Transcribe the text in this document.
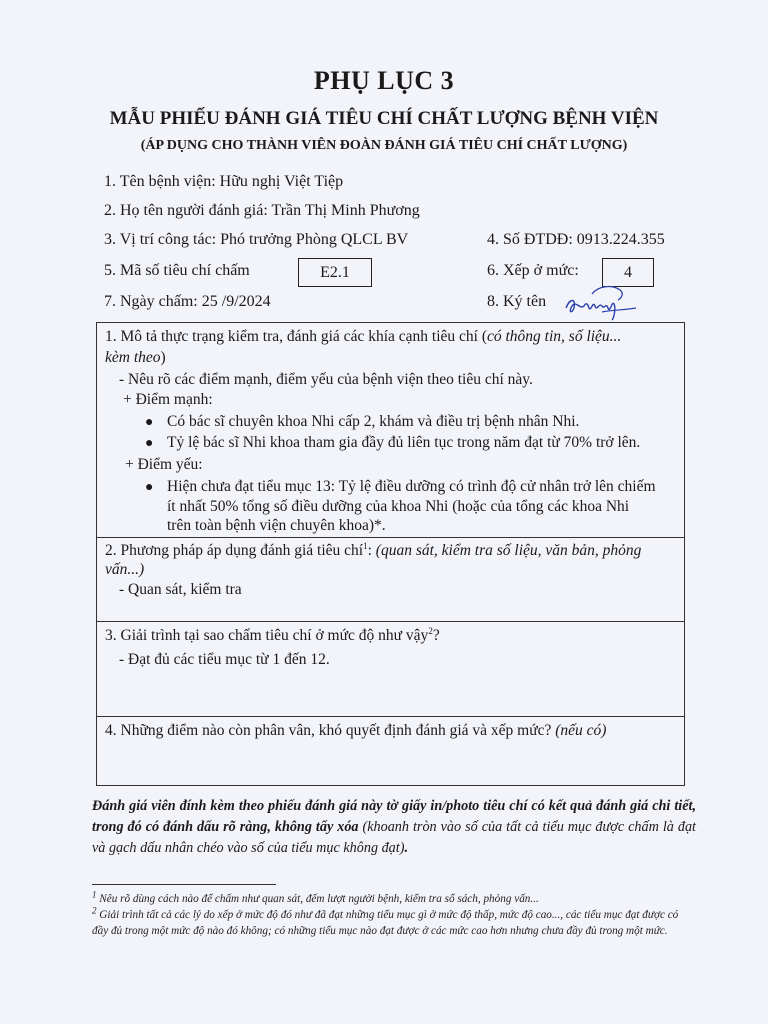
PHỤ LỤC 3
MẪU PHIẾU ĐÁNH GIÁ TIÊU CHÍ CHẤT LƯỢNG BỆNH VIỆN
(ÁP DỤNG CHO THÀNH VIÊN ĐOÀN ĐÁNH GIÁ TIÊU CHÍ CHẤT LƯỢNG)
1. Tên bệnh viện: Hữu nghị Việt Tiệp
2. Họ tên người đánh giá: Trần Thị Minh Phương
3. Vị trí công tác: Phó trưởng Phòng QLCL BV	4. Số ĐTDĐ: 0913.224.355
5. Mã số tiêu chí chấm	E2.1	6. Xếp ở mức:	4
7. Ngày chấm: 25 /9/2024	8. Ký tên
1. Mô tả thực trạng kiểm tra, đánh giá các khía cạnh tiêu chí (có thông tin, số liệu...
kèm theo)
- Nêu rõ các điểm mạnh, điểm yếu của bệnh viện theo tiêu chí này.
+ Điểm mạnh:
● Có bác sĩ chuyên khoa Nhi cấp 2, khám và điều trị bệnh nhân Nhi.
● Tỷ lệ bác sĩ Nhi khoa tham gia đầy đủ liên tục trong năm đạt từ 70% trở lên.
+ Điểm yếu:
● Hiện chưa đạt tiểu mục 13: Tỷ lệ điều dưỡng có trình độ cử nhân trở lên chiếm
ít nhất 50% tổng số điều dưỡng của khoa Nhi (hoặc của tổng các khoa Nhi
trên toàn bệnh viện chuyên khoa)*.
2. Phương pháp áp dụng đánh giá tiêu chí$^1$: (quan sát, kiểm tra số liệu, văn bản, phỏng
vấn...)
- Quan sát, kiểm tra
3. Giải trình tại sao chấm tiêu chí ở mức độ như vậy$^2$?
- Đạt đủ các tiểu mục từ 1 đến 12.
4. Những điểm nào còn phân vân, khó quyết định đánh giá và xếp mức? (nếu có)
Đánh giá viên đính kèm theo phiếu đánh giá này tờ giấy in/photo tiêu chí có kết quả đánh giá chi tiết, trong đó có đánh dấu rõ ràng, không tẩy xóa (khoanh tròn vào số của tất cả tiểu mục được chấm là đạt và gạch dấu nhân chéo vào số của tiểu mục không đạt).
$^1$ Nêu rõ dùng cách nào để chấm như quan sát, đếm lượt người bệnh, kiểm tra sổ sách, phỏng vấn...
$^2$ Giải trình tất cả các lý do xếp ở mức độ đó như đã đạt những tiểu mục gì ở mức độ thấp, mức độ cao..., các tiểu mục đạt được có đầy đủ trong một mức độ nào đó không; có những tiểu mục nào đạt được ở các mức cao hơn nhưng chưa đầy đủ trong một mức.
